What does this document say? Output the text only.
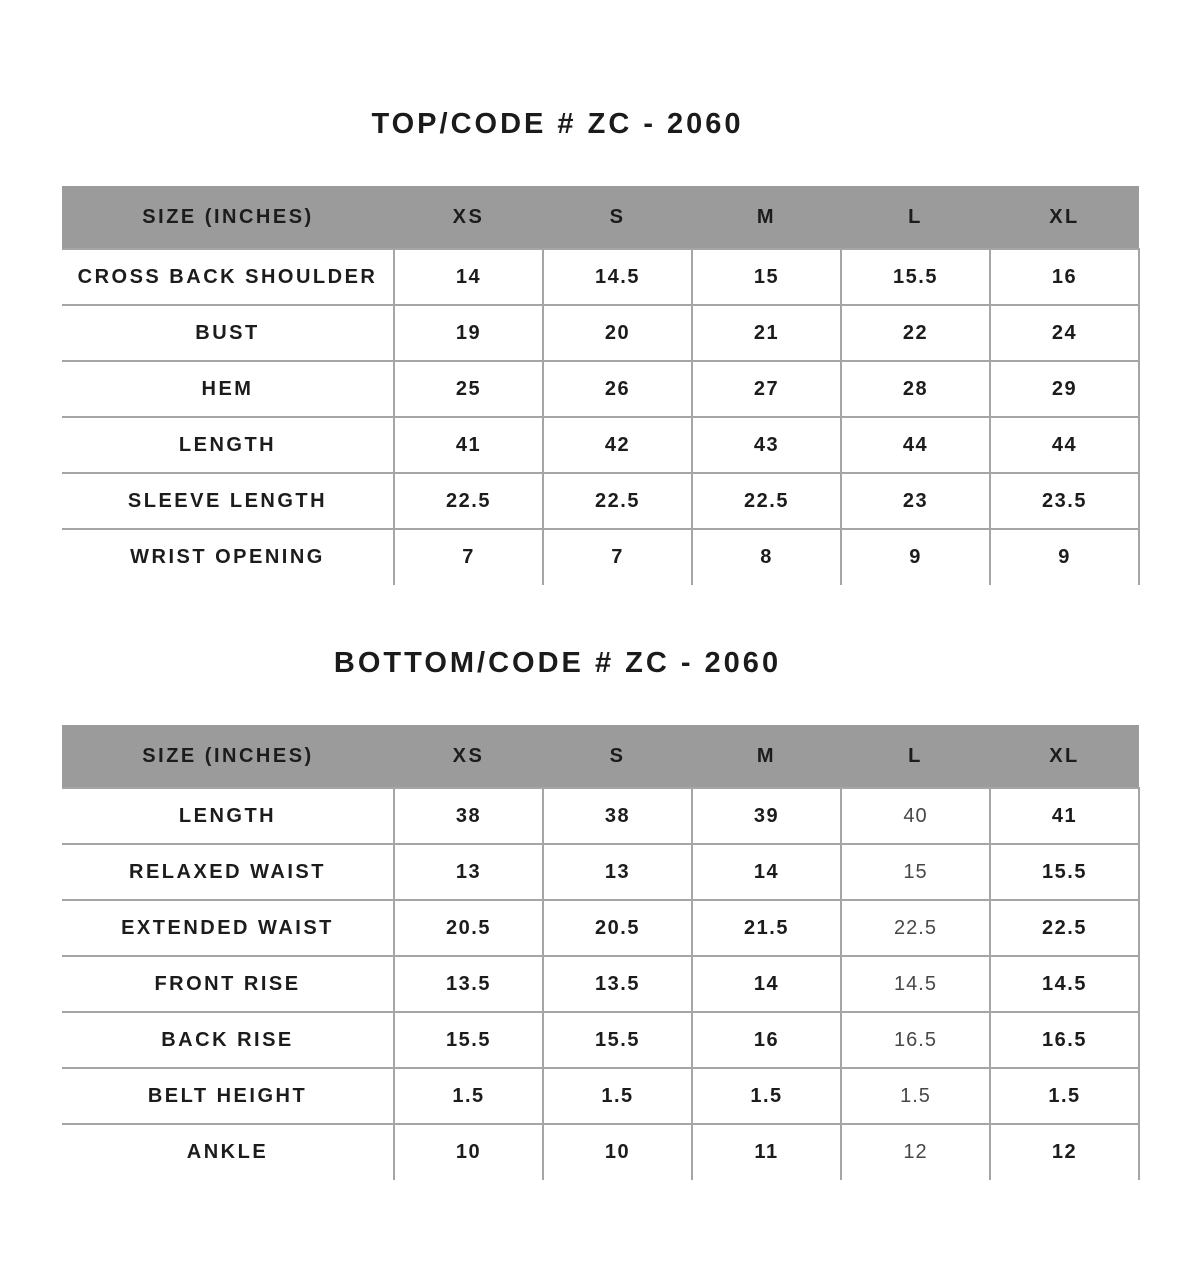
TOP/CODE # ZC - 2060
SIZE (INCHES)	XS	S	M	L	XL
CROSS BACK SHOULDER	14	14.5	15	15.5	16
BUST	19	20	21	22	24
HEM	25	26	27	28	29
LENGTH	41	42	43	44	44
SLEEVE LENGTH	22.5	22.5	22.5	23	23.5
WRIST OPENING	7	7	8	9	9
BOTTOM/CODE # ZC - 2060
SIZE (INCHES)	XS	S	M	L	XL
LENGTH	38	38	39	40	41
RELAXED WAIST	13	13	14	15	15.5
EXTENDED WAIST	20.5	20.5	21.5	22.5	22.5
FRONT RISE	13.5	13.5	14	14.5	14.5
BACK RISE	15.5	15.5	16	16.5	16.5
BELT HEIGHT	1.5	1.5	1.5	1.5	1.5
ANKLE	10	10	11	12	12
